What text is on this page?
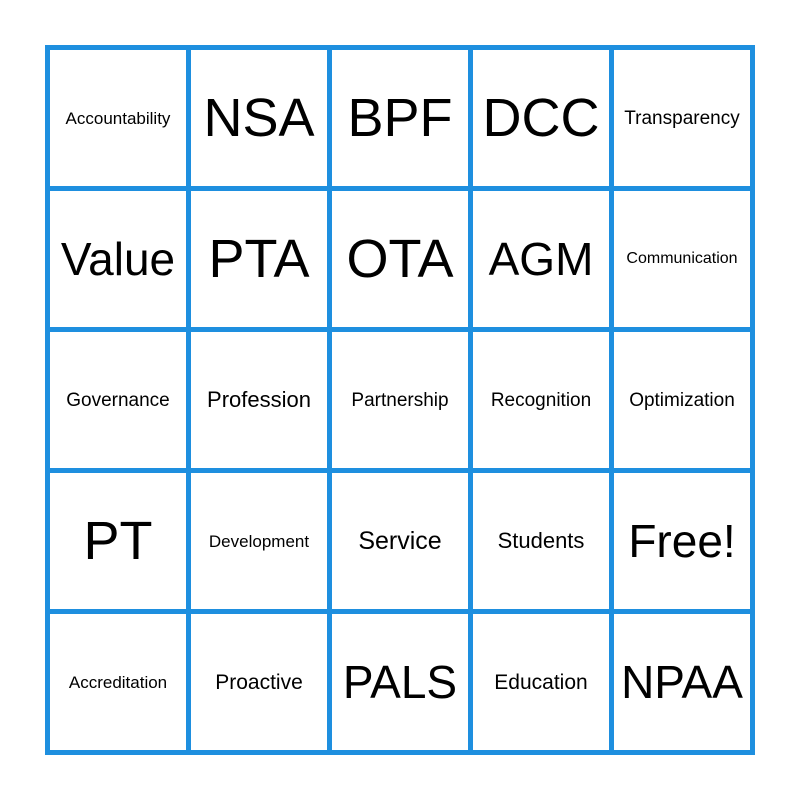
Accountability NSA BPF DCC Transparency
Value PTA OTA AGM Communication
Governance Profession Partnership Recognition Optimization
PT	Development Service	Students Free!
Accreditation Proactive PALS Education NPAA
